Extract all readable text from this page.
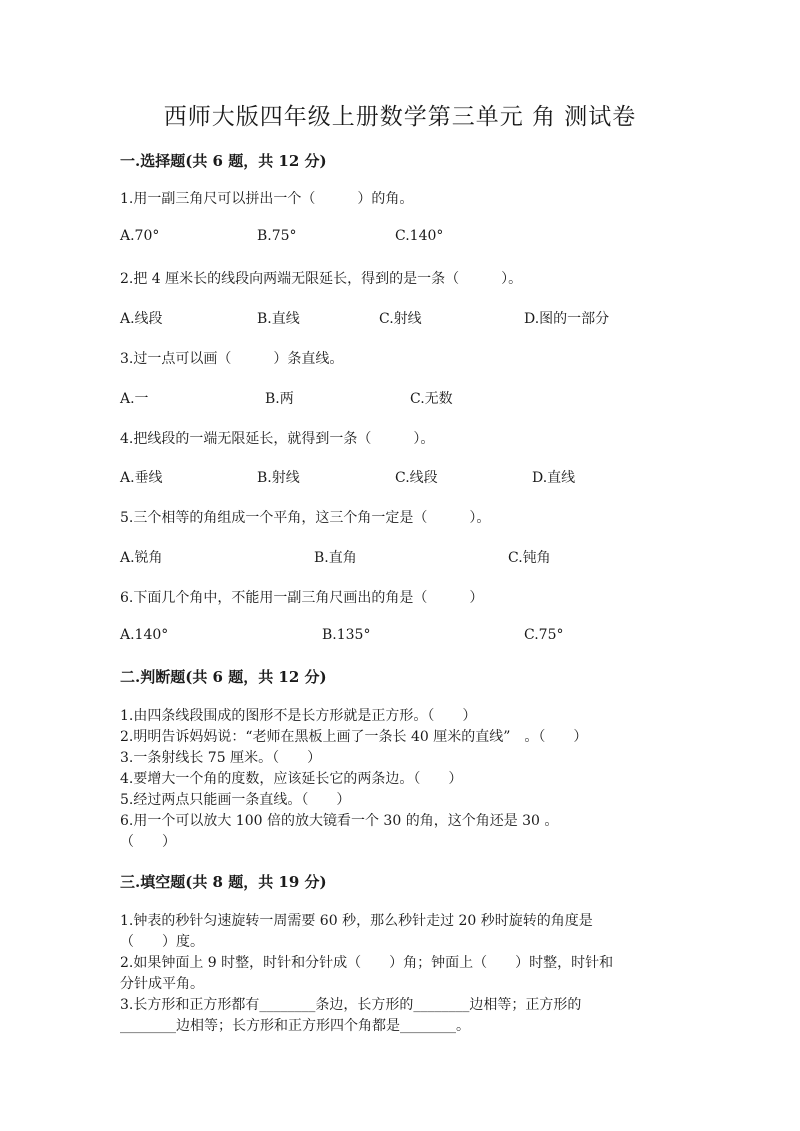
西师大版四年级上册数学第三单元 角 测试卷
一.选择题(共 6 题，共 12 分)
1.用一副三角尺可以拼出一个（　　　）的角。
A.70°	B.75°	C.140°
2.把 4 厘米长的线段向两端无限延长，得到的是一条（　　　）。
A.线段	B.直线	C.射线	D.图的一部分
3.过一点可以画（　　　）条直线。
A.一	B.两	C.无数
4.把线段的一端无限延长，就得到一条（　　　）。
A.垂线	B.射线	C.线段	D.直线
5.三个相等的角组成一个平角，这三个角一定是（　　　）。
A.锐角	B.直角	C.钝角
6.下面几个角中，不能用一副三角尺画出的角是（　　　）
A.140°	B.135°	C.75°
二.判断题(共 6 题，共 12 分)
1.由四条线段围成的图形不是长方形就是正方形。（　　）
2.明明告诉妈妈说：“老师在黑板上画了一条长 40 厘米的直线”　。（　　）
3.一条射线长 75 厘米。（　　）
4.要增大一个角的度数，应该延长它的两条边。（　　）
5.经过两点只能画一条直线。（　　）
6.用一个可以放大 100 倍的放大镜看一个 30 的角，这个角还是 30 。
（　　）
三.填空题(共 8 题，共 19 分)
1.钟表的秒针匀速旋转一周需要 60 秒，那么秒针走过 20 秒时旋转的角度是
（　　）度。
2.如果钟面上 9 时整，时针和分针成（　　）角；钟面上（　　）时整，时针和
分针成平角。
3.长方形和正方形都有________条边，长方形的________边相等；正方形的
________边相等；长方形和正方形四个角都是________。
